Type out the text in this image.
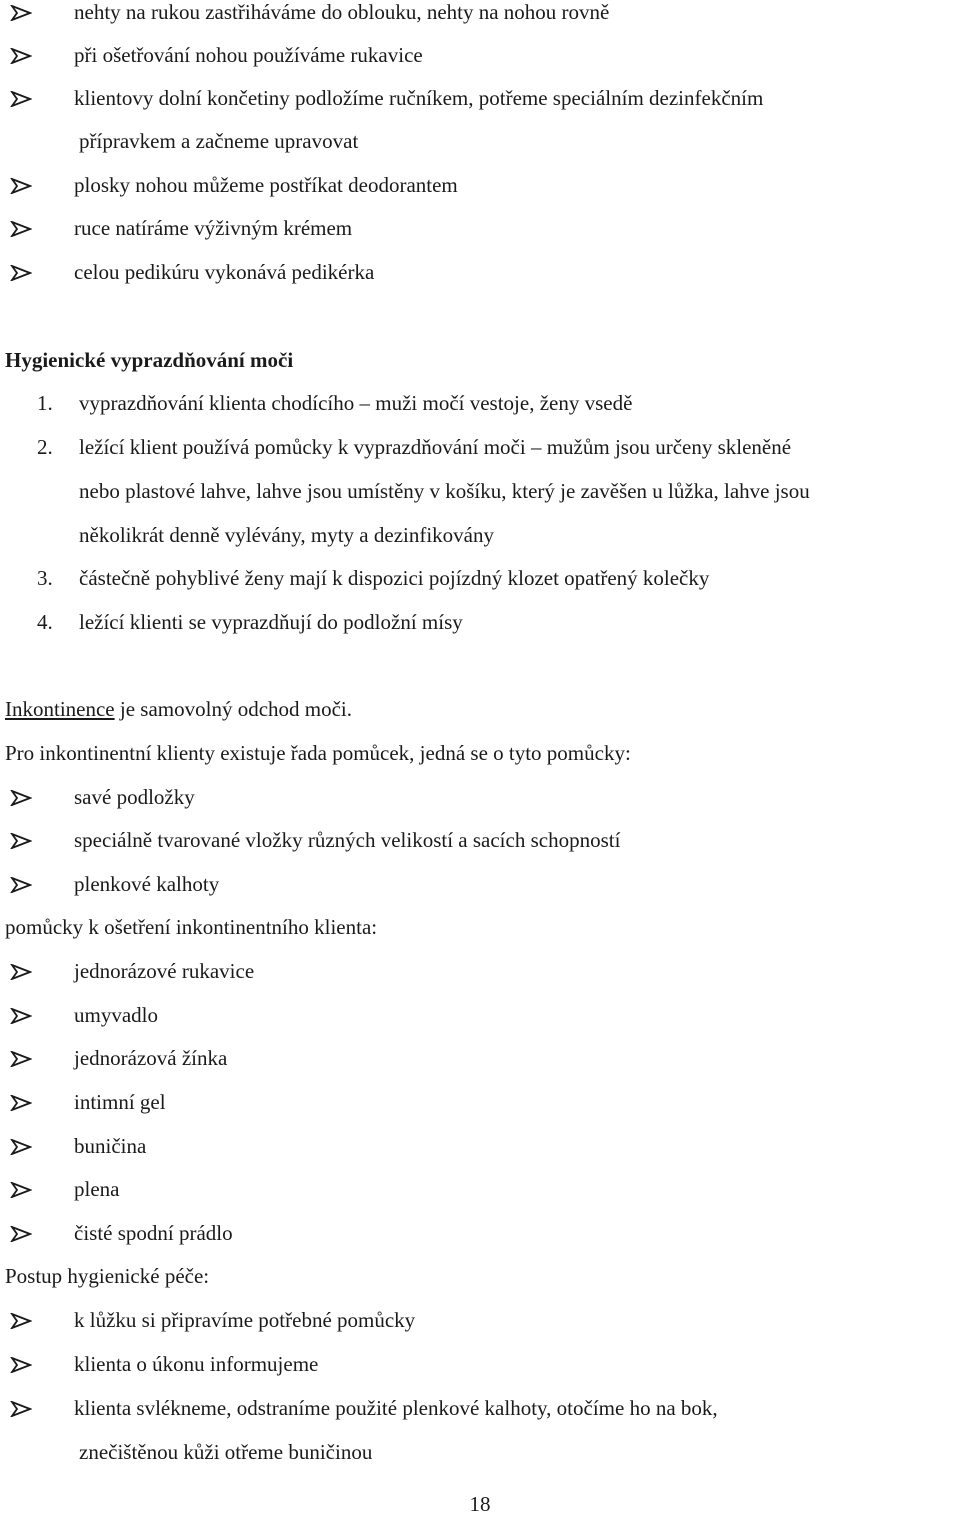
nehty na rukou zastřiháváme do oblouku, nehty na nohou rovně
při ošetřování nohou používáme rukavice
klientovy dolní končetiny podložíme ručníkem, potřeme speciálním dezinfekčním
přípravkem a začneme upravovat
plosky nohou můžeme postříkat deodorantem
ruce natíráme výživným krémem
celou pedikúru vykonává pedikérka
Hygienické vyprazdňování moči
1. vyprazdňování klienta chodícího – muži močí vestoje, ženy vsedě
2. ležící klient používá pomůcky k vyprazdňování moči – mužům jsou určeny skleněné
nebo plastové lahve, lahve jsou umístěny v košíku, který je zavěšen u lůžka, lahve jsou
několikrát denně vylévány, myty a dezinfikovány
3. částečně pohyblivé ženy mají k dispozici pojízdný klozet opatřený kolečky
4. ležící klienti se vyprazdňují do podložní mísy
Inkontinence je samovolný odchod moči.
Pro inkontinentní klienty existuje řada pomůcek, jedná se o tyto pomůcky:
savé podložky
speciálně tvarované vložky různých velikostí a sacích schopností
plenkové kalhoty
pomůcky k ošetření inkontinentního klienta:
jednorázové rukavice
umyvadlo
jednorázová žínka
intimní gel
buničina
plena
čisté spodní prádlo
Postup hygienické péče:
k lůžku si připravíme potřebné pomůcky
klienta o úkonu informujeme
klienta svlékneme, odstraníme použité plenkové kalhoty, otočíme ho na bok,
znečištěnou kůži otřeme buničinou
18
